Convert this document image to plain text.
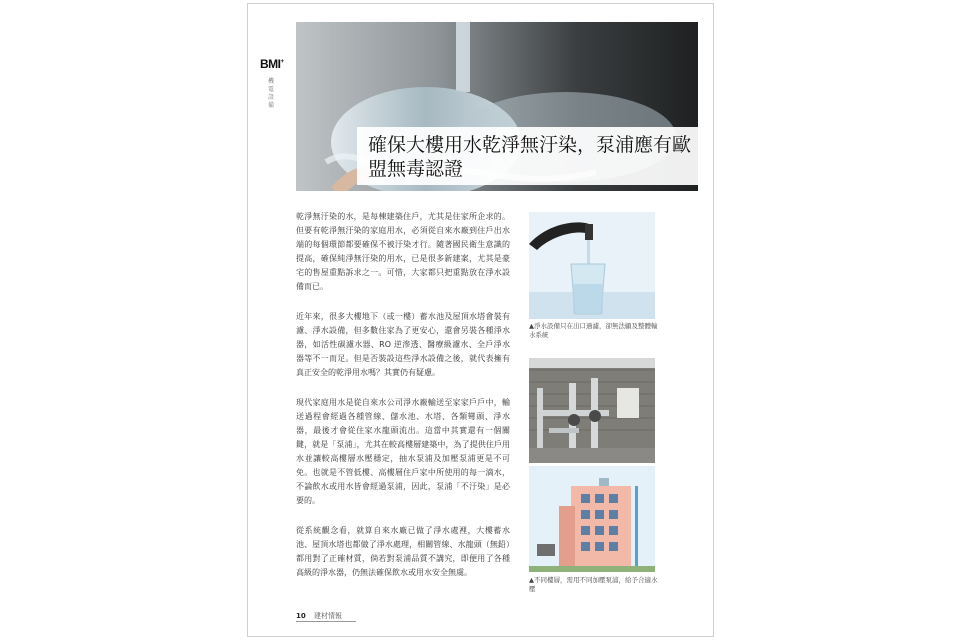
BMI+
機電設備
確保大樓用水乾淨無汙染，泵浦應有歐盟無毒認證

乾淨無汙染的水，是每棟建築住戶，尤其是住家所企求的。但要有乾淨無汙染的家庭用水，必須從自來水廠到住戶出水端的每個環節都要確保不被汙染才行。隨著國民衛生意識的提高，確保純淨無汙染的用水，已是很多新建案，尤其是豪宅的售屋重點訴求之一。可惜，大家都只把重點放在淨水設備而已。

近年來，很多大樓地下（或一樓）蓄水池及屋頂水塔會裝有濾、淨水設備，但多數住家為了更安心，還會另裝各種淨水器，如活性碳濾水器、RO 逆滲透、醫療級濾水、全戶淨水器等不一而足。但是否裝設這些淨水設備之後，就代表擁有真正安全的乾淨用水嗎？其實仍有疑慮。

現代家庭用水是從自來水公司淨水廠輸送至家家戶戶中，輸送過程會經過各種管線、儲水池、水塔、各類彎頭、淨水器，最後才會從住家水龍頭流出。這當中其實還有一個關鍵，就是「泵浦」，尤其在較高樓層建築中，為了提供住戶用水並讓較高樓層水壓穩定，抽水泵浦及加壓泵浦更是不可免。也就是不管低樓、高樓層住戶家中所使用的每一滴水，不論飲水或用水皆會經過泵浦，因此，泵浦「不汙染」是必要的。

從系統觀念看，就算自來水廠已做了淨水處裡，大樓蓄水池、屋頂水塔也都做了淨水處理，相關管線、水龍頭（無鉛）都用對了正確材質，倘若對泵浦品質不講究，即便用了各種高級的淨水器，仍無法確保飲水或用水安全無虞。

▲淨水設備只在出口過濾，卻無法顧及整體輸水系統
▲不同樓層，需用不同加壓泵浦，給予合適水壓
10 建材情報
